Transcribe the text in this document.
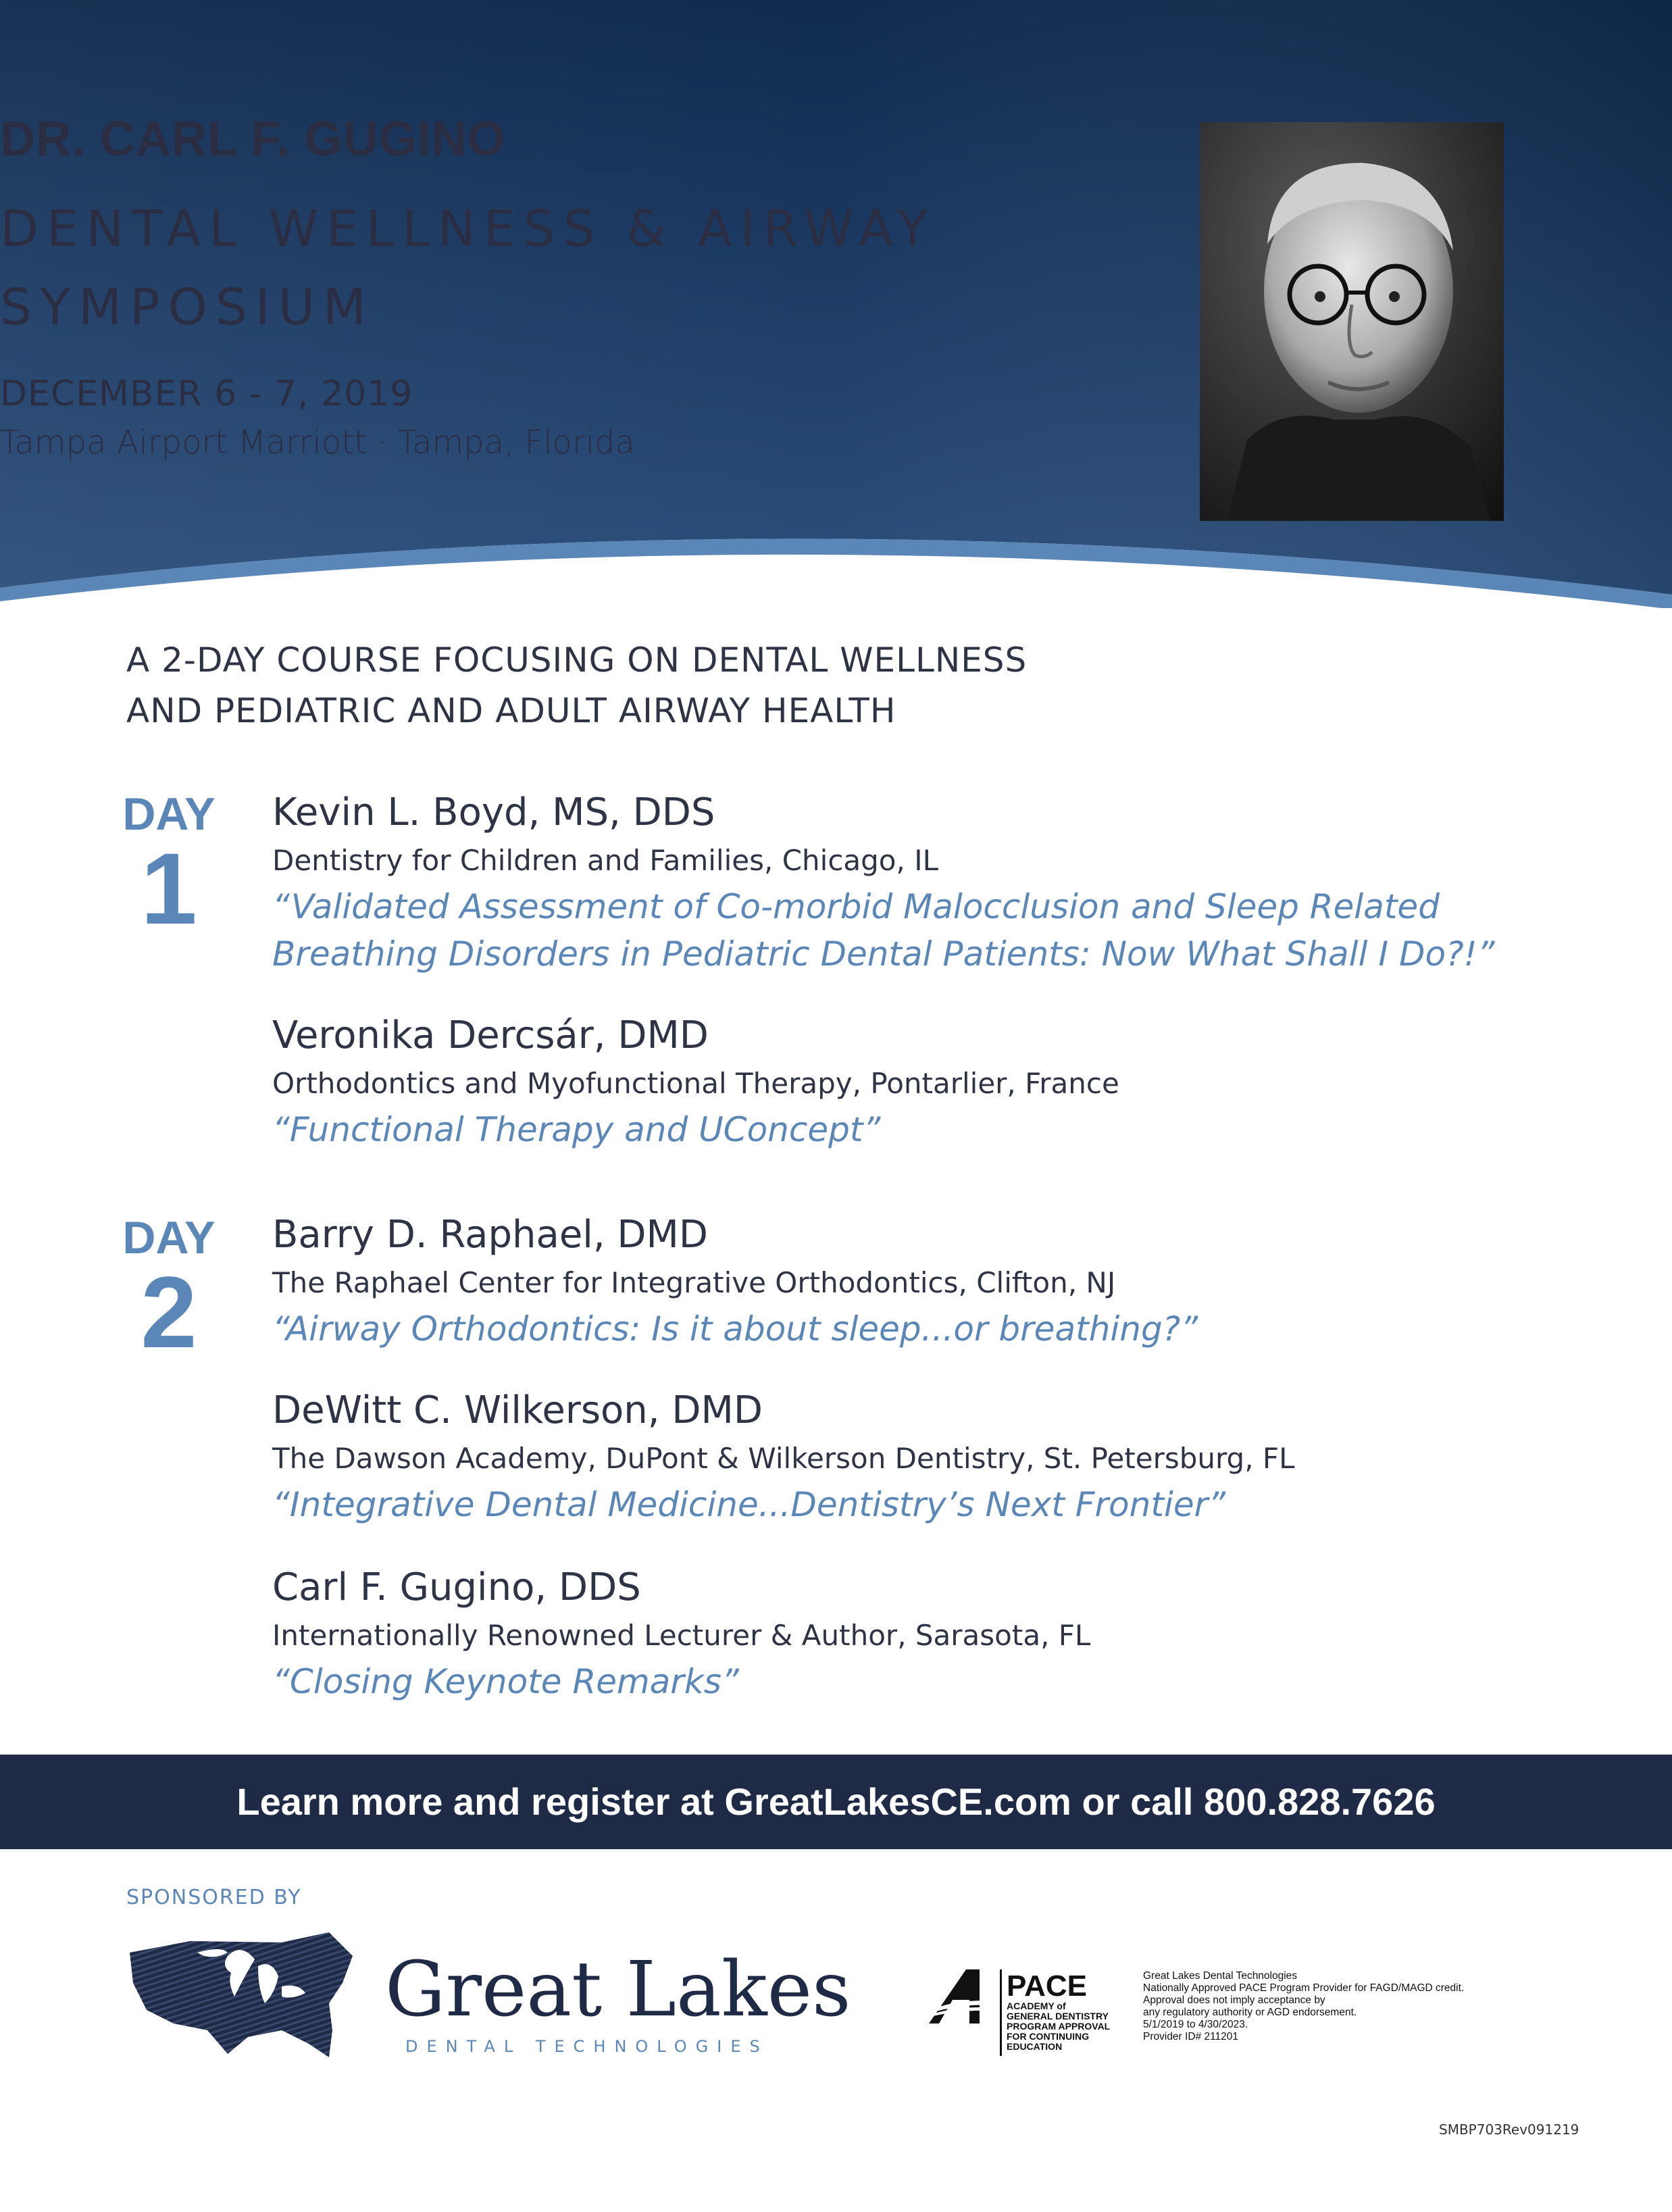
DR. CARL F. GUGINO
DENTAL WELLNESS & AIRWAY
SYMPOSIUM
DECEMBER 6 - 7, 2019
Tampa Airport Marriott · Tampa, Florida
A 2-DAY COURSE FOCUSING ON DENTAL WELLNESS
AND PEDIATRIC AND ADULT AIRWAY HEALTH
DAY
1
Kevin L. Boyd, MS, DDS
Dentistry for Children and Families, Chicago, IL
“Validated Assessment of Co-morbid Malocclusion and Sleep Related
Breathing Disorders in Pediatric Dental Patients: Now What Shall I Do?!”
Veronika Dercsár, DMD
Orthodontics and Myofunctional Therapy, Pontarlier, France
“Functional Therapy and UConcept”
DAY
2
Barry D. Raphael, DMD
The Raphael Center for Integrative Orthodontics, Clifton, NJ
“Airway Orthodontics: Is it about sleep...or breathing?”
DeWitt C. Wilkerson, DMD
The Dawson Academy, DuPont & Wilkerson Dentistry, St. Petersburg, FL
“Integrative Dental Medicine...Dentistry’s Next Frontier”
Carl F. Gugino, DDS
Internationally Renowned Lecturer & Author, Sarasota, FL
“Closing Keynote Remarks”
Learn more and register at GreatLakesCE.com or call 800.828.7626
SPONSORED BY
Great Lakes
DENTAL TECHNOLOGIES
PACE
ACADEMY of
GENERAL DENTISTRY
PROGRAM APPROVAL
FOR CONTINUING
EDUCATION
Great Lakes Dental Technologies
Nationally Approved PACE Program Provider for FAGD/MAGD credit.
Approval does not imply acceptance by
any regulatory authority or AGD endorsement.
5/1/2019 to 4/30/2023.
Provider ID# 211201
SMBP703Rev091219
